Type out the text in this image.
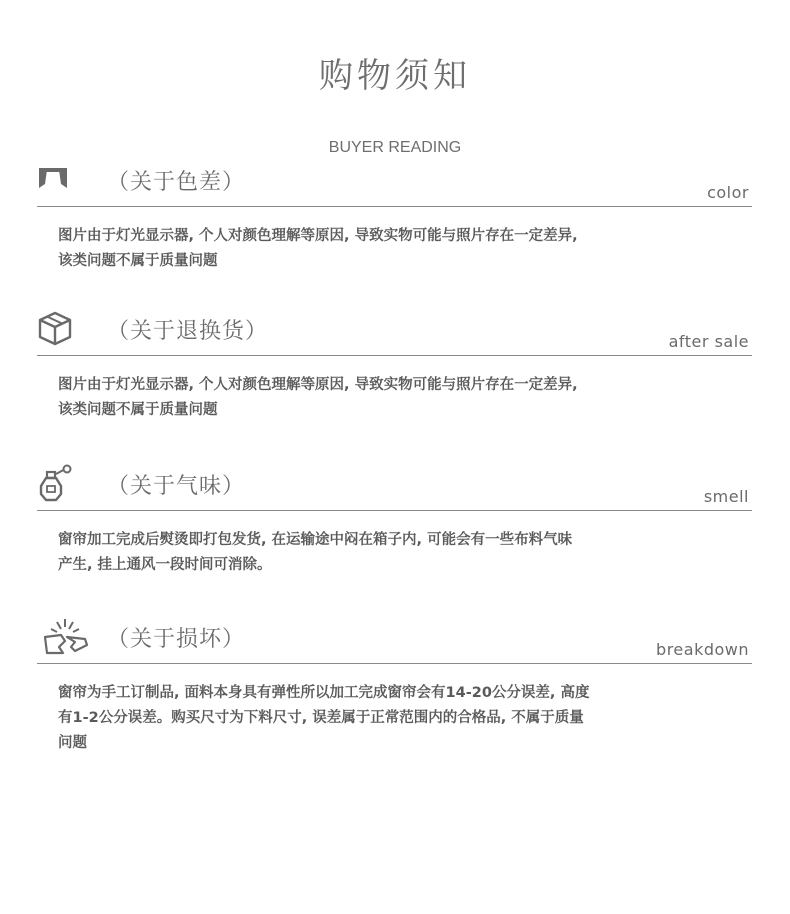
购物须知
BUYER READING
（关于色差）	color

图片由于灯光显示器, 个人对颜色理解等原因, 导致实物可能与照片存在一定差异,

该类问题不属于质量问题

（关于退换货）	after sale

图片由于灯光显示器, 个人对颜色理解等原因, 导致实物可能与照片存在一定差异,

该类问题不属于质量问题

（关于气味）	smell

窗帘加工完成后熨烫即打包发货, 在运输途中闷在箱子内, 可能会有一些布料气味

产生, 挂上通风一段时间可消除。

（关于损坏）	breakdown

窗帘为手工订制品, 面料本身具有弹性所以加工完成窗帘会有14-20公分误差, 高度

有1-2公分误差。购买尺寸为下料尺寸, 误差属于正常范围内的合格品, 不属于质量

问题
